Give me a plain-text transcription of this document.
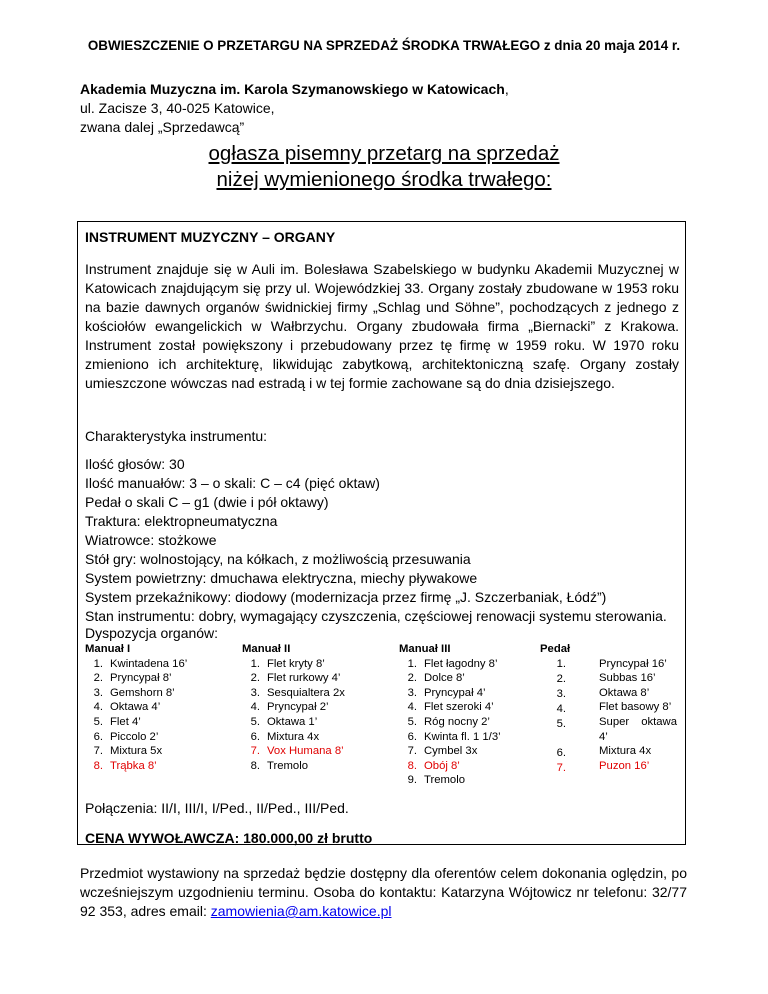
OBWIESZCZENIE O PRZETARGU NA SPRZEDAŻ ŚRODKA TRWAŁEGO z dnia 20 maja 2014 r.
Akademia Muzyczna im. Karola Szymanowskiego w Katowicach,
ul. Zacisze 3, 40-025 Katowice,
zwana dalej „Sprzedawcą”
ogłasza pisemny przetarg na sprzedaż
niżej wymienionego środka trwałego:
INSTRUMENT MUZYCZNY – ORGANY
Instrument znajduje się w Auli im. Bolesława Szabelskiego w budynku Akademii Muzycznej w Katowicach znajdującym się przy ul. Wojewódzkiej 33. Organy zostały zbudowane w 1953 roku na bazie dawnych organów świdnickiej firmy „Schlag und Söhne”, pochodzących z jednego z kościołów ewangelickich w Wałbrzychu. Organy zbudowała firma „Biernacki” z Krakowa. Instrument został powiększony i przebudowany przez tę firmę w 1959 roku. W 1970 roku zmieniono ich architekturę, likwidując zabytkową, architektoniczną szafę. Organy zostały umieszczone wówczas nad estradą i w tej formie zachowane są do dnia dzisiejszego.
Charakterystyka instrumentu:
Ilość głosów: 30
Ilość manuałów: 3 – o skali: C – c4 (pięć oktaw)
Pedał o skali C – g1 (dwie i pół oktawy)
Traktura: elektropneumatyczna
Wiatrowce: stożkowe
Stół gry: wolnostojący, na kółkach, z możliwością przesuwania
System powietrzny: dmuchawa elektryczna, miechy pływakowe
System przekaźnikowy: diodowy (modernizacja przez firmę „J. Szczerbaniak, Łódź”)
Stan instrumentu: dobry, wymagający czyszczenia, częściowej renowacji systemu sterowania.
Dyspozycja organów:
Manuał I
1. Kwintadena 16’
2. Pryncypał 8’
3. Gemshorn 8’
4. Oktawa 4’
5. Flet 4’
6. Piccolo 2’
7. Mixtura 5x
8. Trąbka 8’
Manuał II
1. Flet kryty 8’
2. Flet rurkowy 4’
3. Sesquialtera 2x
4. Pryncypał 2’
5. Oktawa 1’
6. Mixtura 4x
7. Vox Humana 8’
8. Tremolo
Manuał III
1. Flet łagodny 8’
2. Dolce 8’
3. Pryncypał 4’
4. Flet szeroki 4’
5. Róg nocny 2’
6. Kwinta fl. 1 1/3’
7. Cymbel 3x
8. Obój 8’
9. Tremolo
Pedał
1.
2.
3.
4.
5.
6.
7.
Pryncypał 16’
Subbas 16’
Oktawa 8’
Flet basowy 8’
Super oktawa 4’
Mixtura 4x
Puzon 16’
Połączenia: II/I, III/I, I/Ped., II/Ped., III/Ped.
CENA WYWOŁAWCZA: 180.000,00 zł brutto
Przedmiot wystawiony na sprzedaż będzie dostępny dla oferentów celem dokonania oględzin, po wcześniejszym uzgodnieniu terminu. Osoba do kontaktu: Katarzyna Wójtowicz nr telefonu: 32/77 92 353, adres email: zamowienia@am.katowice.pl
